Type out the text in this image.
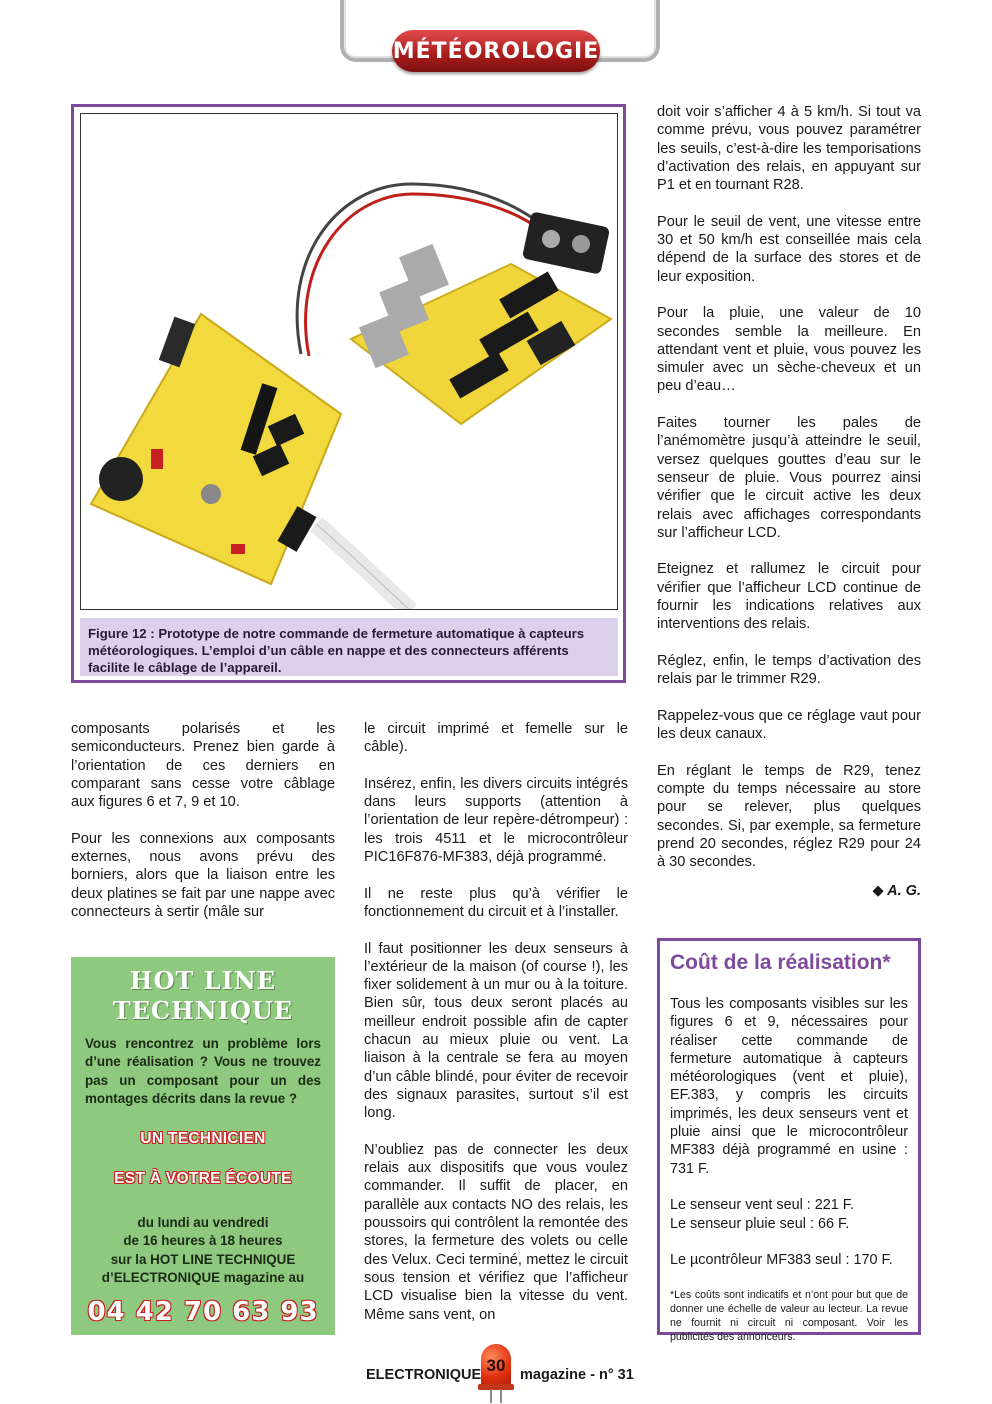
MÉTÉOROLOGIE
Figure 12 : Prototype de notre commande de fermeture automatique à capteurs météorologiques. L’emploi d’un câble en nappe et des connecteurs afférents facilite le câblage de l’appareil.

composants polarisés et les semiconducteurs. Prenez bien garde à l’orientation de ces derniers en comparant sans cesse votre câblage aux figures 6 et 7, 9 et 10.

Pour les connexions aux composants externes, nous avons prévu des borniers, alors que la liaison entre les deux platines se fait par une nappe avec connecteurs à sertir (mâle sur

le circuit imprimé et femelle sur le câble).

Insérez, enfin, les divers circuits intégrés dans leurs supports (attention à l’orientation de leur repère-détrompeur) : les trois 4511 et le microcontrôleur PIC16F876-MF383, déjà programmé.

Il ne reste plus qu’à vérifier le fonctionnement du circuit et à l’installer.

Il faut positionner les deux senseurs à l’extérieur de la maison (of course !), les fixer solidement à un mur ou à la toiture. Bien sûr, tous deux seront placés au meilleur endroit possible afin de capter chacun au mieux pluie ou vent. La liaison à la centrale se fera au moyen d’un câble blindé, pour éviter de recevoir des signaux parasites, surtout s’il est long.

N’oubliez pas de connecter les deux relais aux dispositifs que vous voulez commander. Il suffit de placer, en parallèle aux contacts NO des relais, les poussoirs qui contrôlent la remontée des stores, la fermeture des volets ou celle des Velux. Ceci terminé, mettez le circuit sous tension et vérifiez que l’afficheur LCD visualise bien la vitesse du vent. Même sans vent, on

doit voir s’afficher 4 à 5 km/h. Si tout va comme prévu, vous pouvez paramétrer les seuils, c’est-à-dire les temporisations d’activation des relais, en appuyant sur P1 et en tournant R28.

Pour le seuil de vent, une vitesse entre 30 et 50 km/h est conseillée mais cela dépend de la surface des stores et de leur exposition.

Pour la pluie, une valeur de 10 secondes semble la meilleure. En attendant vent et pluie, vous pouvez les simuler avec un sèche-cheveux et un peu d’eau…

Faites tourner les pales de l’anémomètre jusqu’à atteindre le seuil, versez quelques gouttes d’eau sur le senseur de pluie. Vous pourrez ainsi vérifier que le circuit active les deux relais avec affichages correspondants sur l’afficheur LCD.

Eteignez et rallumez le circuit pour vérifier que l’afficheur LCD continue de fournir les indications relatives aux interventions des relais.

Réglez, enfin, le temps d’activation des relais par le trimmer R29.

Rappelez-vous que ce réglage vaut pour les deux canaux.

En réglant le temps de R29, tenez compte du temps nécessaire au store pour se relever, plus quelques secondes. Si, par exemple, sa fermeture prend 20 secondes, réglez R29 pour 24 à 30 secondes.

◆ A. G.
HOT LINE
TECHNIQUE
Vous rencontrez un problème lors d’une réalisation ? Vous ne trouvez pas un composant pour un des montages décrits dans la revue ?
UN TECHNICIEN
EST À VOTRE ÉCOUTE
du lundi au vendredi
de 16 heures à 18 heures
sur la HOT LINE TECHNIQUE
d’ELECTRONIQUE magazine au
04 42 70 63 93
Coût de la réalisation*

Tous les composants visibles sur les figures 6 et 9, nécessaires pour réaliser cette commande de fermeture automatique à capteurs météorologiques (vent et pluie), EF.383, y compris les circuits imprimés, les deux senseurs vent et pluie ainsi que le microcontrôleur MF383 déjà programmé en usine : 731 F.

Le senseur vent seul : 221 F.
Le senseur pluie seul : 66 F.

Le µcontrôleur MF383 seul : 170 F.

*Les coûts sont indicatifs et n’ont pour but que de donner une échelle de valeur au lecteur. La revue ne fournit ni circuit ni composant. Voir les publicités des annonceurs.
ELECTRONIQUE 30 magazine - n° 31
